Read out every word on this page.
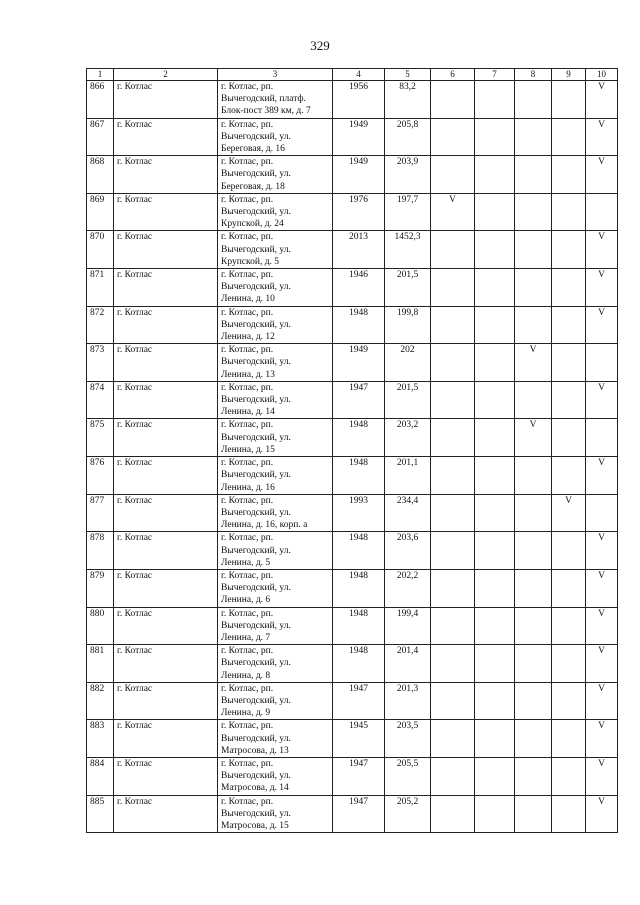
329
1	2	3	4	5	6	7	8	9	10
866	г. Котлас	г. Котлас, рп.
Вычегодский, платф.
Блок-пост 389 км, д. 7	1956	83,2					V
867	г. Котлас	г. Котлас, рп.
Вычегодский, ул.
Береговая, д. 16	1949	205,8					V
868	г. Котлас	г. Котлас, рп.
Вычегодский, ул.
Береговая, д. 18	1949	203,9					V
869	г. Котлас	г. Котлас, рп.
Вычегодский, ул.
Крупской, д. 24	1976	197,7	V				
870	г. Котлас	г. Котлас, рп.
Вычегодский, ул.
Крупской, д. 5	2013	1452,3					V
871	г. Котлас	г. Котлас, рп.
Вычегодский, ул.
Ленина, д. 10	1946	201,5					V
872	г. Котлас	г. Котлас, рп.
Вычегодский, ул.
Ленина, д. 12	1948	199,8					V
873	г. Котлас	г. Котлас, рп.
Вычегодский, ул.
Ленина, д. 13	1949	202			V		
874	г. Котлас	г. Котлас, рп.
Вычегодский, ул.
Ленина, д. 14	1947	201,5					V
875	г. Котлас	г. Котлас, рп.
Вычегодский, ул.
Ленина, д. 15	1948	203,2			V		
876	г. Котлас	г. Котлас, рп.
Вычегодский, ул.
Ленина, д. 16	1948	201,1					V
877	г. Котлас	г. Котлас, рп.
Вычегодский, ул.
Ленина, д. 16, корп. а	1993	234,4				V	
878	г. Котлас	г. Котлас, рп.
Вычегодский, ул.
Ленина, д. 5	1948	203,6					V
879	г. Котлас	г. Котлас, рп.
Вычегодский, ул.
Ленина, д. 6	1948	202,2					V
880	г. Котлас	г. Котлас, рп.
Вычегодский, ул.
Ленина, д. 7	1948	199,4					V
881	г. Котлас	г. Котлас, рп.
Вычегодский, ул.
Ленина, д. 8	1948	201,4					V
882	г. Котлас	г. Котлас, рп.
Вычегодский, ул.
Ленина, д. 9	1947	201,3					V
883	г. Котлас	г. Котлас, рп.
Вычегодский, ул.
Матросова, д. 13	1945	203,5					V
884	г. Котлас	г. Котлас, рп.
Вычегодский, ул.
Матросова, д. 14	1947	205,5					V
885	г. Котлас	г. Котлас, рп.
Вычегодский, ул.
Матросова, д. 15	1947	205,2					V
